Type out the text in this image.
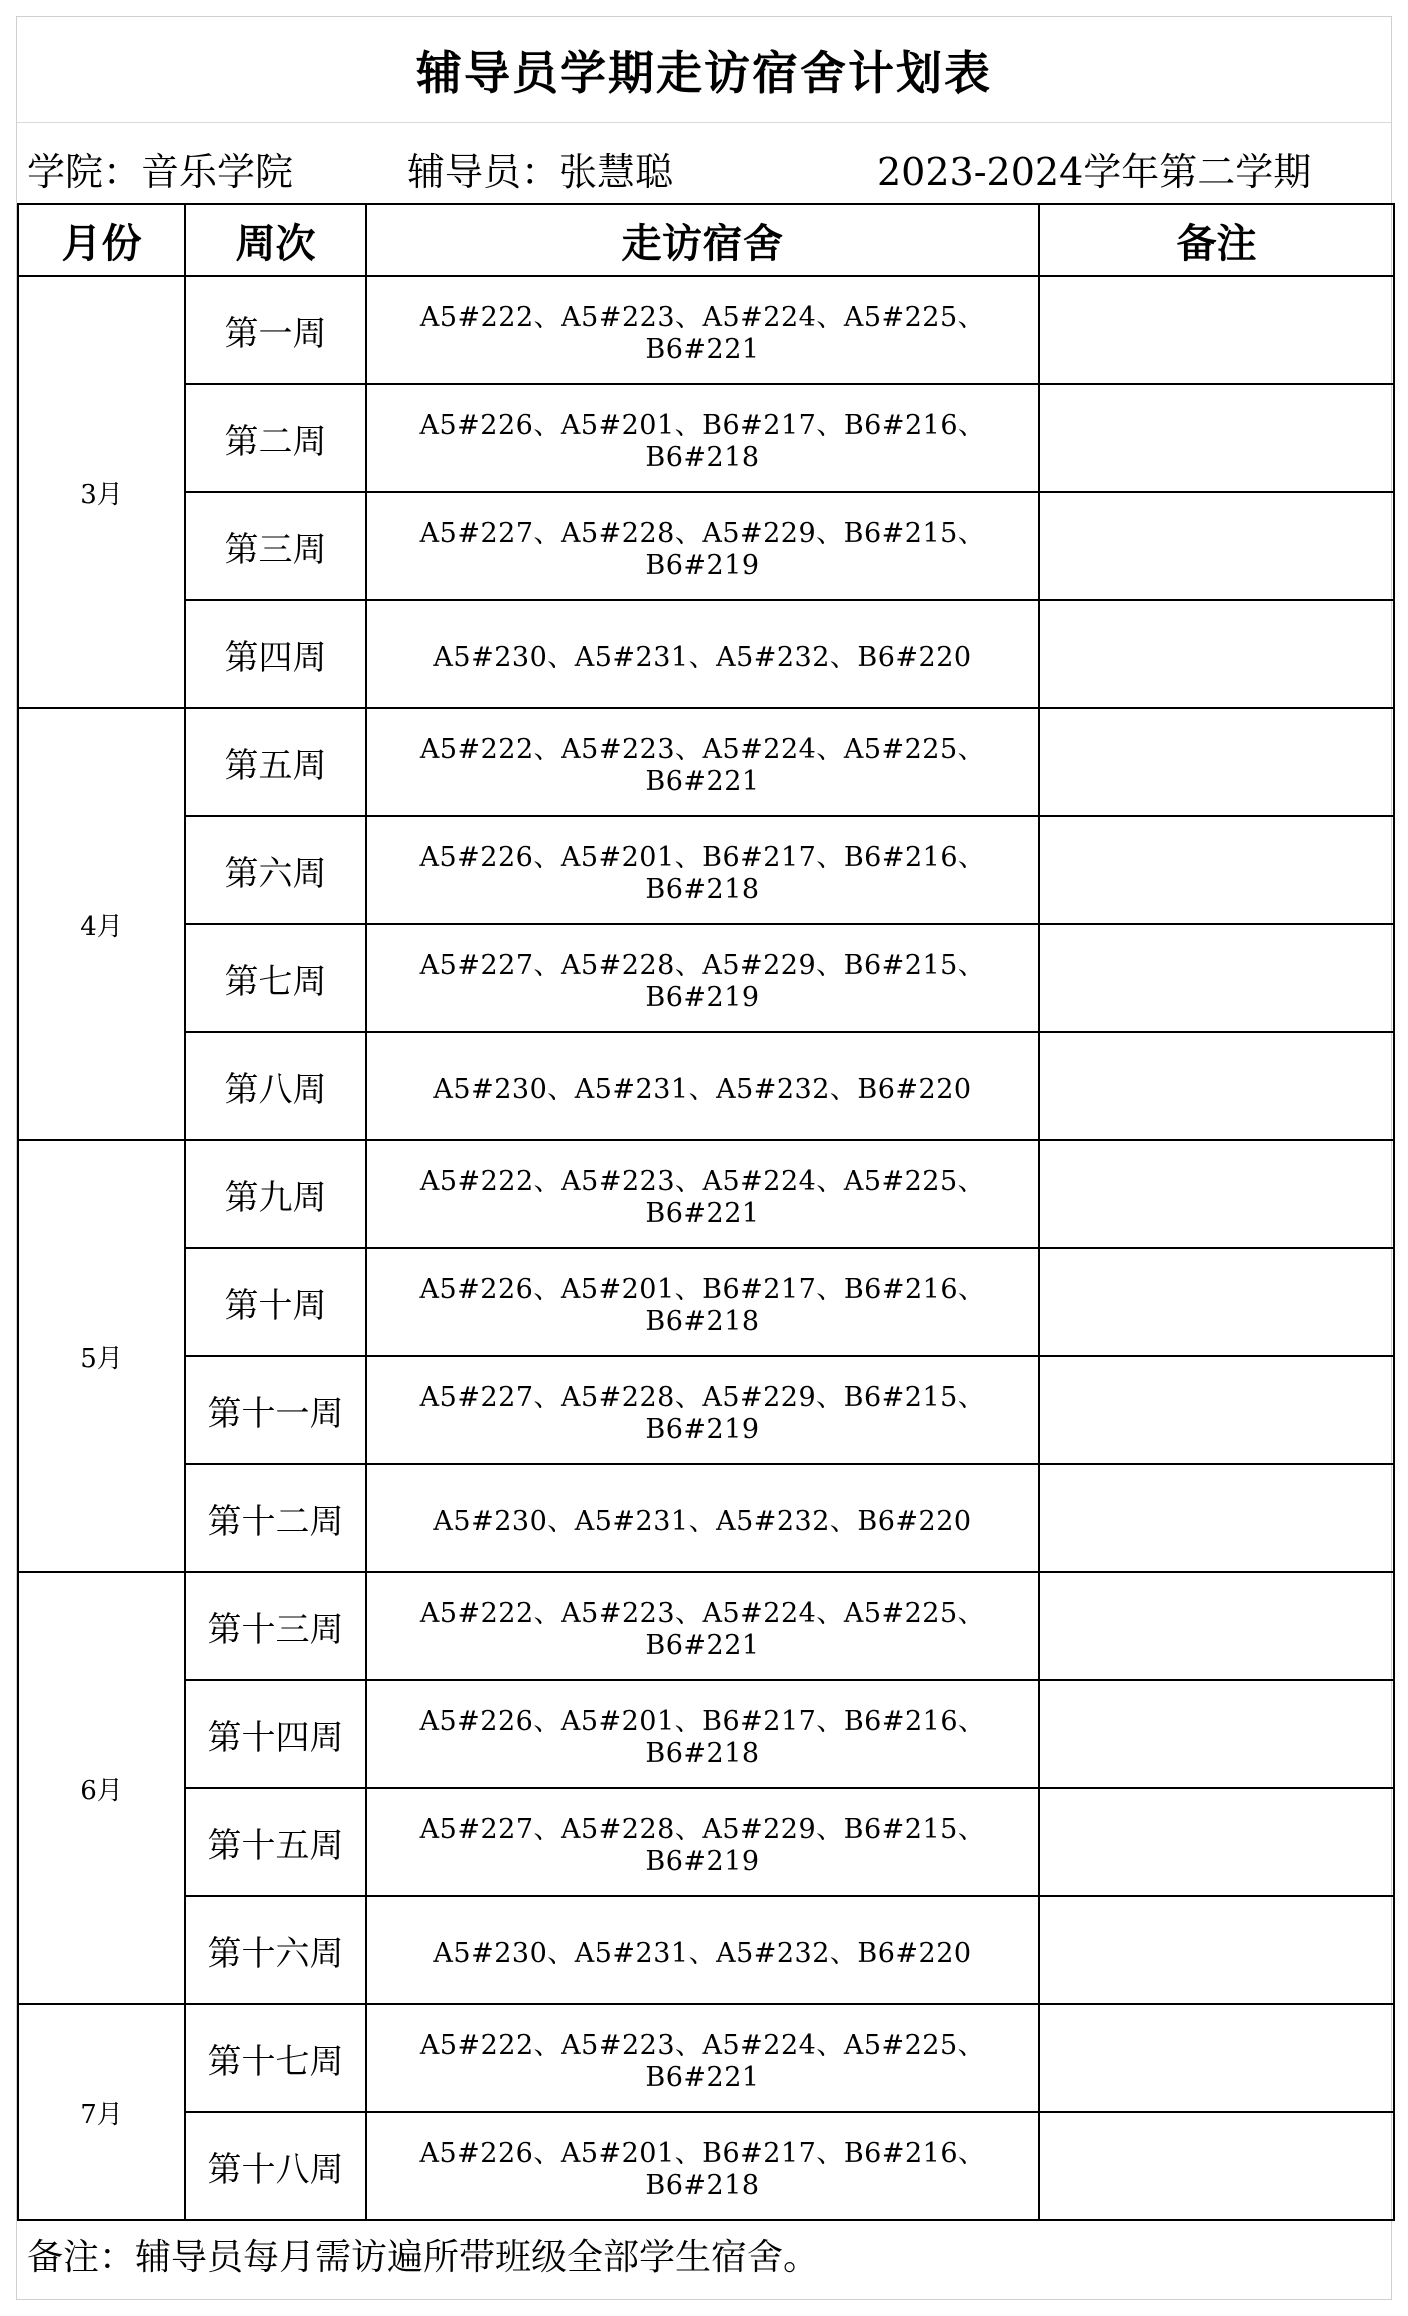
辅导员学期走访宿舍计划表
学院：音乐学院	辅导员：张慧聪	2023-2024学年第二学期
月份	周次	走访宿舍	备注
3月	第一周	A5#222、A5#223、A5#224、A5#225、B6#221	
	第二周	A5#226、A5#201、B6#217、B6#216、B6#218	
	第三周	A5#227、A5#228、A5#229、B6#215、B6#219	
	第四周	A5#230、A5#231、A5#232、B6#220	
4月	第五周	A5#222、A5#223、A5#224、A5#225、B6#221	
	第六周	A5#226、A5#201、B6#217、B6#216、B6#218	
	第七周	A5#227、A5#228、A5#229、B6#215、B6#219	
	第八周	A5#230、A5#231、A5#232、B6#220	
5月	第九周	A5#222、A5#223、A5#224、A5#225、B6#221	
	第十周	A5#226、A5#201、B6#217、B6#216、B6#218	
	第十一周	A5#227、A5#228、A5#229、B6#215、B6#219	
	第十二周	A5#230、A5#231、A5#232、B6#220	
6月	第十三周	A5#222、A5#223、A5#224、A5#225、B6#221	
	第十四周	A5#226、A5#201、B6#217、B6#216、B6#218	
	第十五周	A5#227、A5#228、A5#229、B6#215、B6#219	
	第十六周	A5#230、A5#231、A5#232、B6#220	
7月	第十七周	A5#222、A5#223、A5#224、A5#225、B6#221	
	第十八周	A5#226、A5#201、B6#217、B6#216、B6#218	
备注：辅导员每月需访遍所带班级全部学生宿舍。
